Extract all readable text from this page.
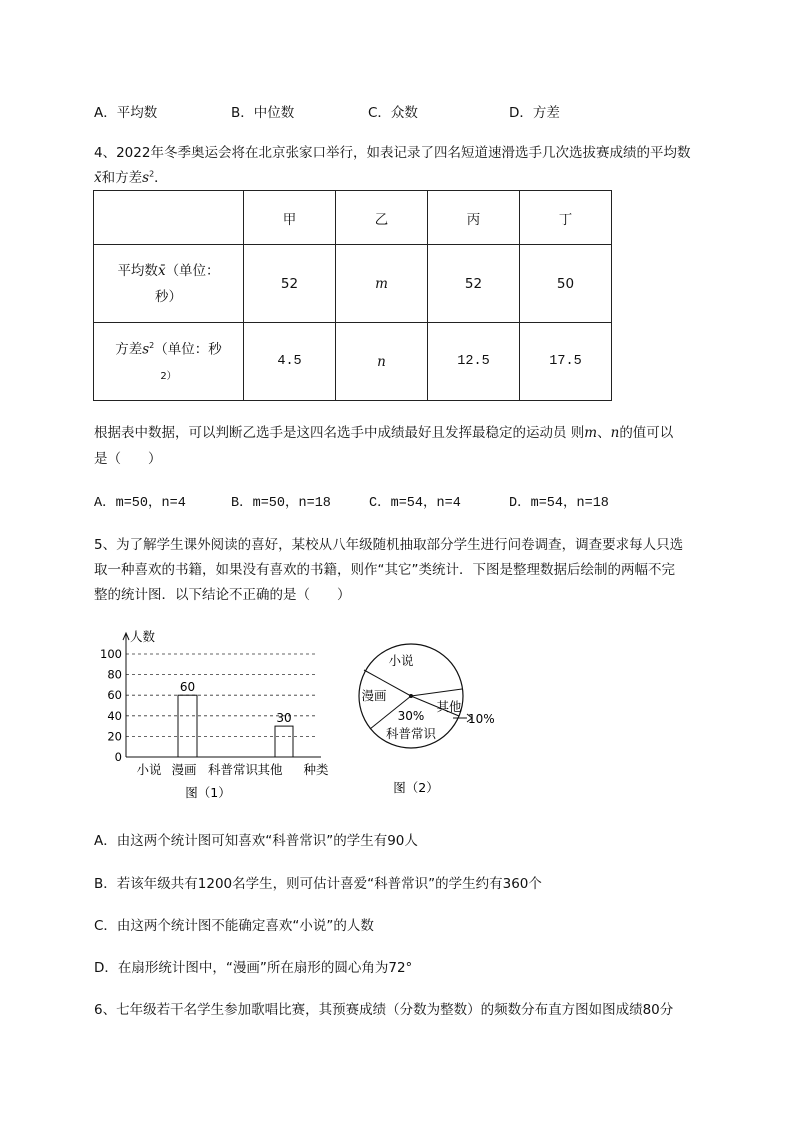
A．平均数	B．中位数	C．众数	D．方差
4、2022年冬季奥运会将在北京张家口举行，如表记录了四名短道速滑选手几次选拔赛成绩的平均数
x̄和方差$s^2$．
	甲	乙	丙	丁
平均数x̄（单位：
秒）	52	m	52	50
方差$s^2$（单位：秒
2）	4.5	n	12.5	17.5
根据表中数据，可以判断乙选手是这四名选手中成绩最好且发挥最稳定的运动员 则m、n的值可以
是（　　）
A．m=50，n=4	B．m=50，n=18	C．m=54，n=4	D．m=54，n=18
5、为了解学生课外阅读的喜好，某校从八年级随机抽取部分学生进行问卷调查，调查要求每人只选
取一种喜欢的书籍，如果没有喜欢的书籍，则作“其它”类统计．下图是整理数据后绘制的两幅不完
整的统计图．以下结论不正确的是（　　）
0
20
40
60
80
100
人数
小说 漫画
60
科普常识 其他
30
种类
图（1）
小说
漫画
其他
30%
科普常识
10%
图（2）
A．由这两个统计图可知喜欢“科普常识”的学生有90人
B．若该年级共有1200名学生，则可估计喜爱“科普常识”的学生约有360个
C．由这两个统计图不能确定喜欢“小说”的人数
D．在扇形统计图中，“漫画”所在扇形的圆心角为72°
6、七年级若干名学生参加歌唱比赛，其预赛成绩（分数为整数）的频数分布直方图如图成绩80分
